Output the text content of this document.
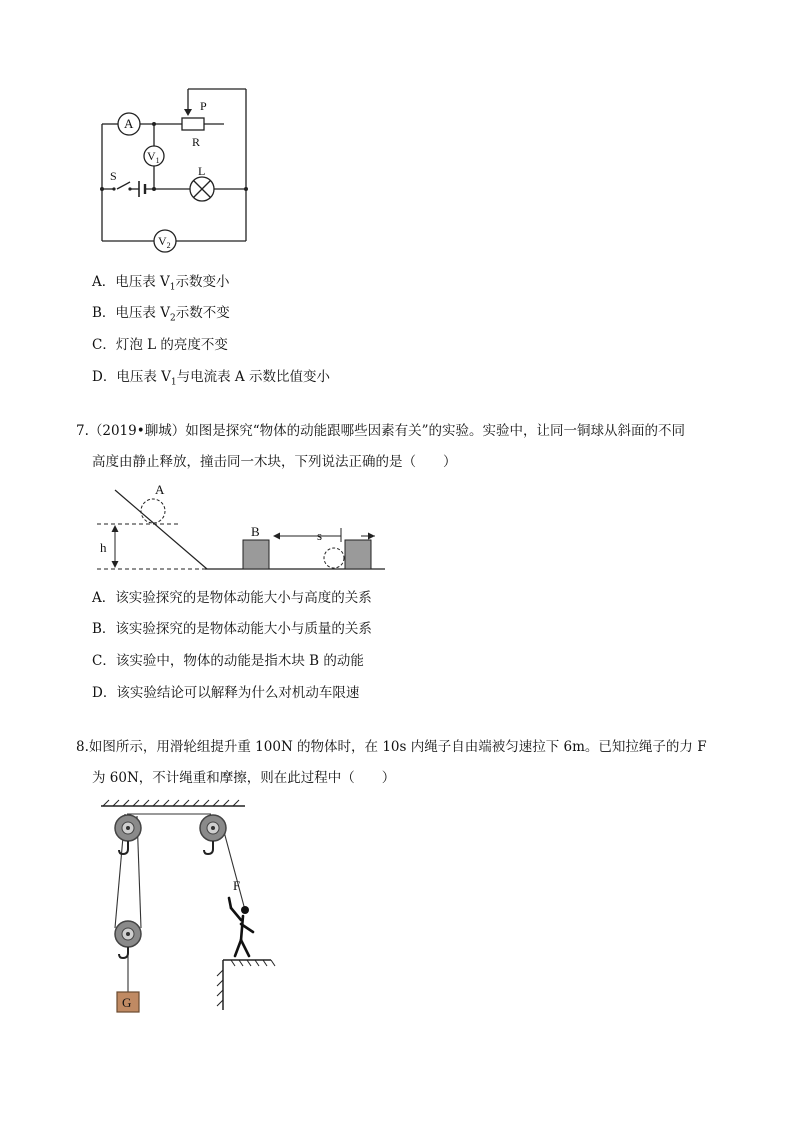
A
$V_1$
$V_2$
P
R
L
S
A．电压表 $V_1$示数变小
B．电压表 $V_2$示数不变
C．灯泡 L 的亮度不变
D．电压表 $V_1$与电流表 A 示数比值变小
7.（2019•聊城）如图是探究“物体的动能跟哪些因素有关”的实验。实验中，让同一铜球从斜面的不同
高度由静止释放，撞击同一木块，下列说法正确的是（　　）
A
h
B	s
A．该实验探究的是物体动能大小与高度的关系
B．该实验探究的是物体动能大小与质量的关系
C．该实验中，物体的动能是指木块 B 的动能
D．该实验结论可以解释为什么对机动车限速
8.如图所示，用滑轮组提升重 100N 的物体时，在 10s 内绳子自由端被匀速拉下 6m。已知拉绳子的力 F
为 60N，不计绳重和摩擦，则在此过程中（　　）
G
F
